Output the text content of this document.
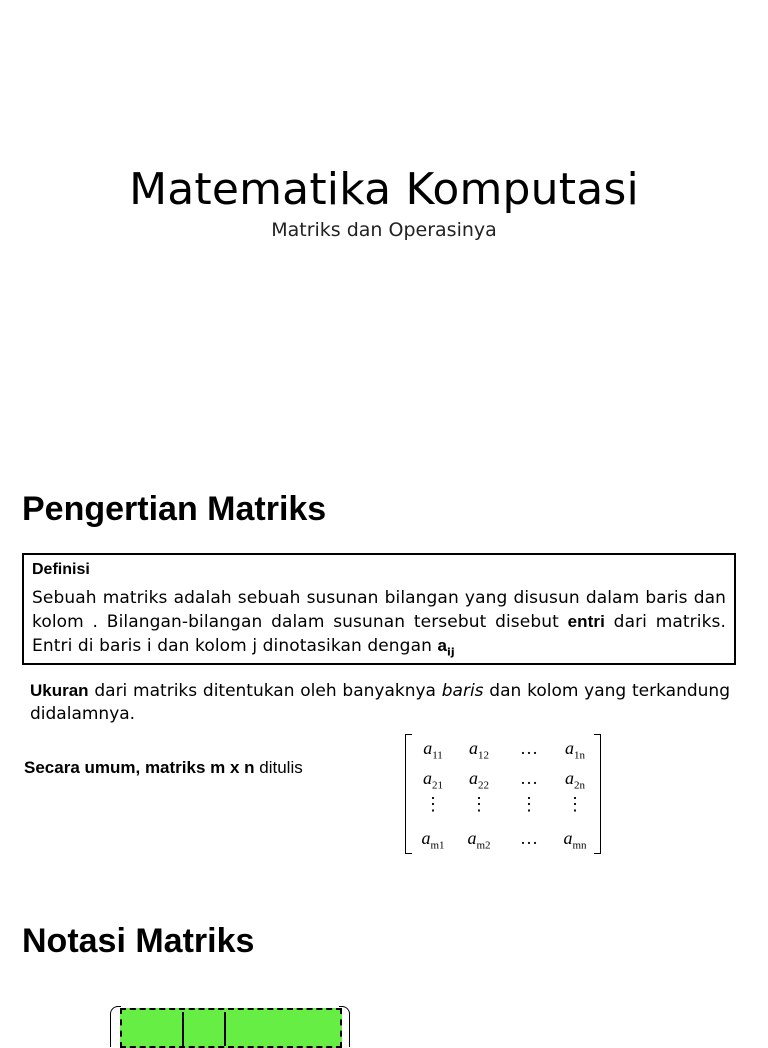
Matematika Komputasi
Matriks dan Operasinya
Pengertian Matriks
Definisi
Sebuah matriks adalah sebuah susunan bilangan yang disusun dalam baris dan kolom . Bilangan-bilangan dalam susunan tersebut disebut entri dari matriks. Entri di baris i dan kolom j dinotasikan dengan $a_{ij}$
Ukuran dari matriks ditentukan oleh banyaknya baris dan kolom yang terkandung didalamnya.
Secara umum, matriks m x n ditulis
$a_{11}$	$a_{12}$	…	$a_{1n}$
$a_{21}$	$a_{22}$	…	$a_{2n}$
⋮	⋮	⋮	⋮
$a_{m1}$	$a_{m2}$	…	$a_{mn}$
Notasi Matriks
